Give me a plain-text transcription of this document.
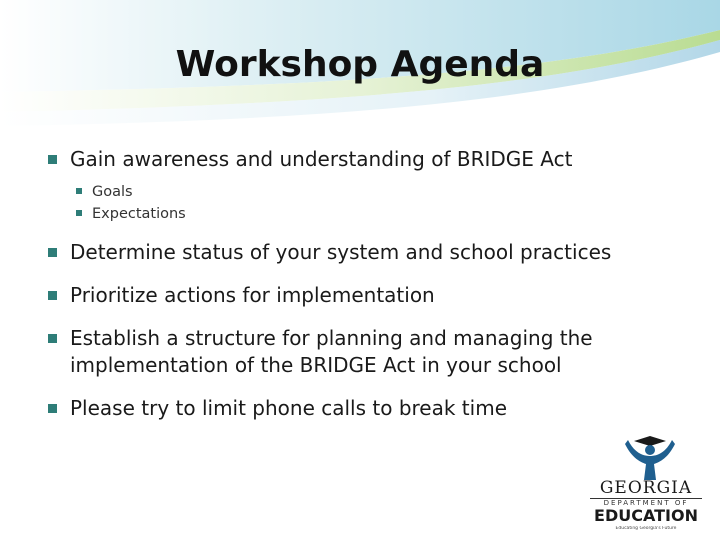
Workshop Agenda
Gain awareness and understanding of BRIDGE Act
Goals
Expectations
Determine status of your system and school practices
Prioritize actions for implementation
Establish a structure for planning and managing the implementation of the BRIDGE Act in your school
Please try to limit phone calls to break time
GEORGIA
DEPARTMENT OF
EDUCATION
Educating Georgia's Future
